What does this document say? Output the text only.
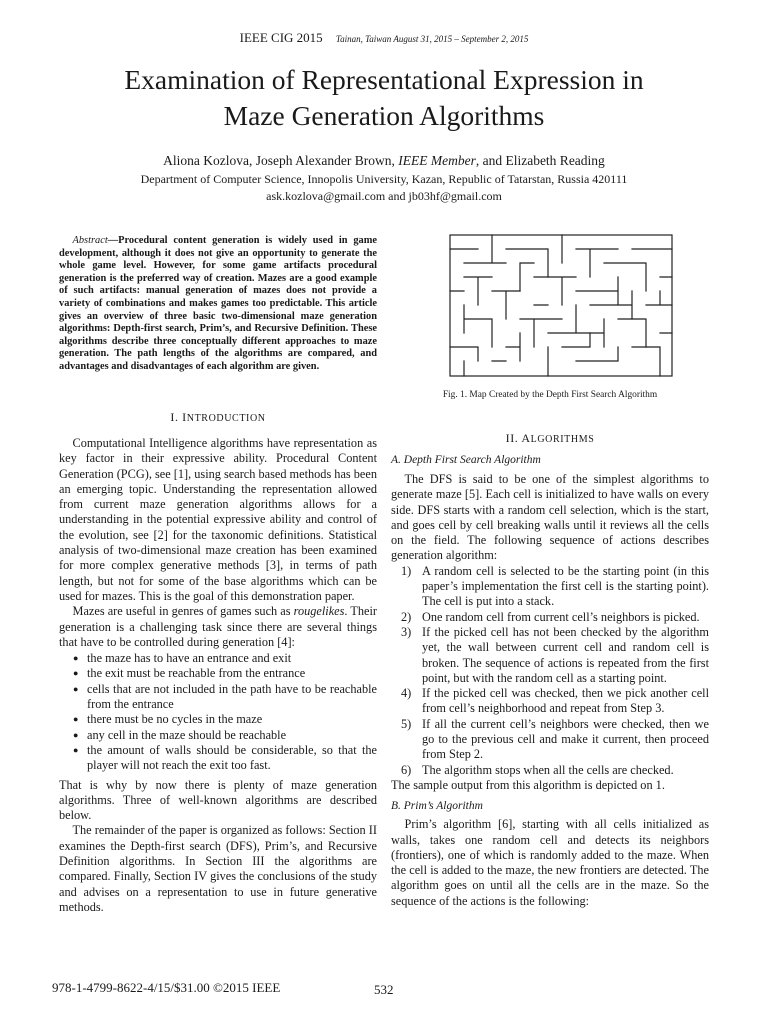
IEEE CIG 2015 Tainan, Taiwan August 31, 2015 – September 2, 2015
Examination of Representational Expression in
Maze Generation Algorithms
Aliona Kozlova, Joseph Alexander Brown, IEEE Member, and Elizabeth Reading
Department of Computer Science, Innopolis University, Kazan, Republic of Tatarstan, Russia 420111
ask.kozlova@gmail.com and jb03hf@gmail.com
Abstract—Procedural content generation is widely used in game development, although it does not give an opportunity to generate the whole game level. However, for some game artifacts procedural generation is the preferred way of creation. Mazes are a good example of such artifacts: manual generation of mazes does not provide a variety of combinations and makes games too predictable. This article gives an overview of three basic two-dimensional maze generation algorithms: Depth-first search, Prim’s, and Recursive Definition. These algorithms describe three conceptually different approaches to maze generation. The path lengths of the algorithms are compared, and advantages and disadvantages of each algorithm are given.
Fig. 1. Map Created by the Depth First Search Algorithm
I. INTRODUCTION

Computational Intelligence algorithms have representation as key factor in their expressive ability. Procedural Content Generation (PCG), see [1], using search based methods has been an emerging topic. Understanding the representation allowed from current maze generation algorithms allows for a understanding in the potential expressive ability and control of the evolution, see [2] for the taxonomic definitions. Statistical analysis of two-dimensional maze creation has been examined for more complex generative methods [3], in terms of path length, but not for some of the base algorithms which can be used for mazes. This is the goal of this demonstration paper.

Mazes are useful in genres of games such as rougelikes. Their generation is a challenging task since there are several things that have to be controlled during generation [4]:

● the maze has to have an entrance and exit
● the exit must be reachable from the entrance
● cells that are not included in the path have to be reachable from the entrance
● there must be no cycles in the maze
● any cell in the maze should be reachable
● the amount of walls should be considerable, so that the player will not reach the exit too fast.

That is why by now there is plenty of maze generation algorithms. Three of well-known algorithms are described below.

The remainder of the paper is organized as follows: Section II examines the Depth-first search (DFS), Prim’s, and Recursive Definition algorithms. In Section III the algorithms are compared. Finally, Section IV gives the conclusions of the study and advises on a representation to use in future generative methods.

II. ALGORITHMS
A. Depth First Search Algorithm

The DFS is said to be one of the simplest algorithms to generate maze [5]. Each cell is initialized to have walls on every side. DFS starts with a random cell selection, which is the start, and goes cell by cell breaking walls until it reviews all the cells on the field. The following sequence of actions describes generation algorithm:

1) A random cell is selected to be the starting point (in this paper’s implementation the first cell is the starting point). The cell is put into a stack.
2) One random cell from current cell’s neighbors is picked.
3) If the picked cell has not been checked by the algorithm yet, the wall between current cell and random cell is broken. The sequence of actions is repeated from the first point, but with the random cell as a starting point.
4) If the picked cell was checked, then we pick another cell from cell’s neighborhood and repeat from Step 3.
5) If all the current cell’s neighbors were checked, then we go to the previous cell and make it current, then proceed from Step 2.
6) The algorithm stops when all the cells are checked.

The sample output from this algorithm is depicted on 1.

B. Prim’s Algorithm

Prim’s algorithm [6], starting with all cells initialized as walls, takes one random cell and detects its neighbors (frontiers), one of which is randomly added to the maze. When the cell is added to the maze, the new frontiers are detected. The algorithm goes on until all the cells are in the maze. So the sequence of the actions is the following:

978-1-4799-8622-4/15/$31.00 ©2015 IEEE	532
